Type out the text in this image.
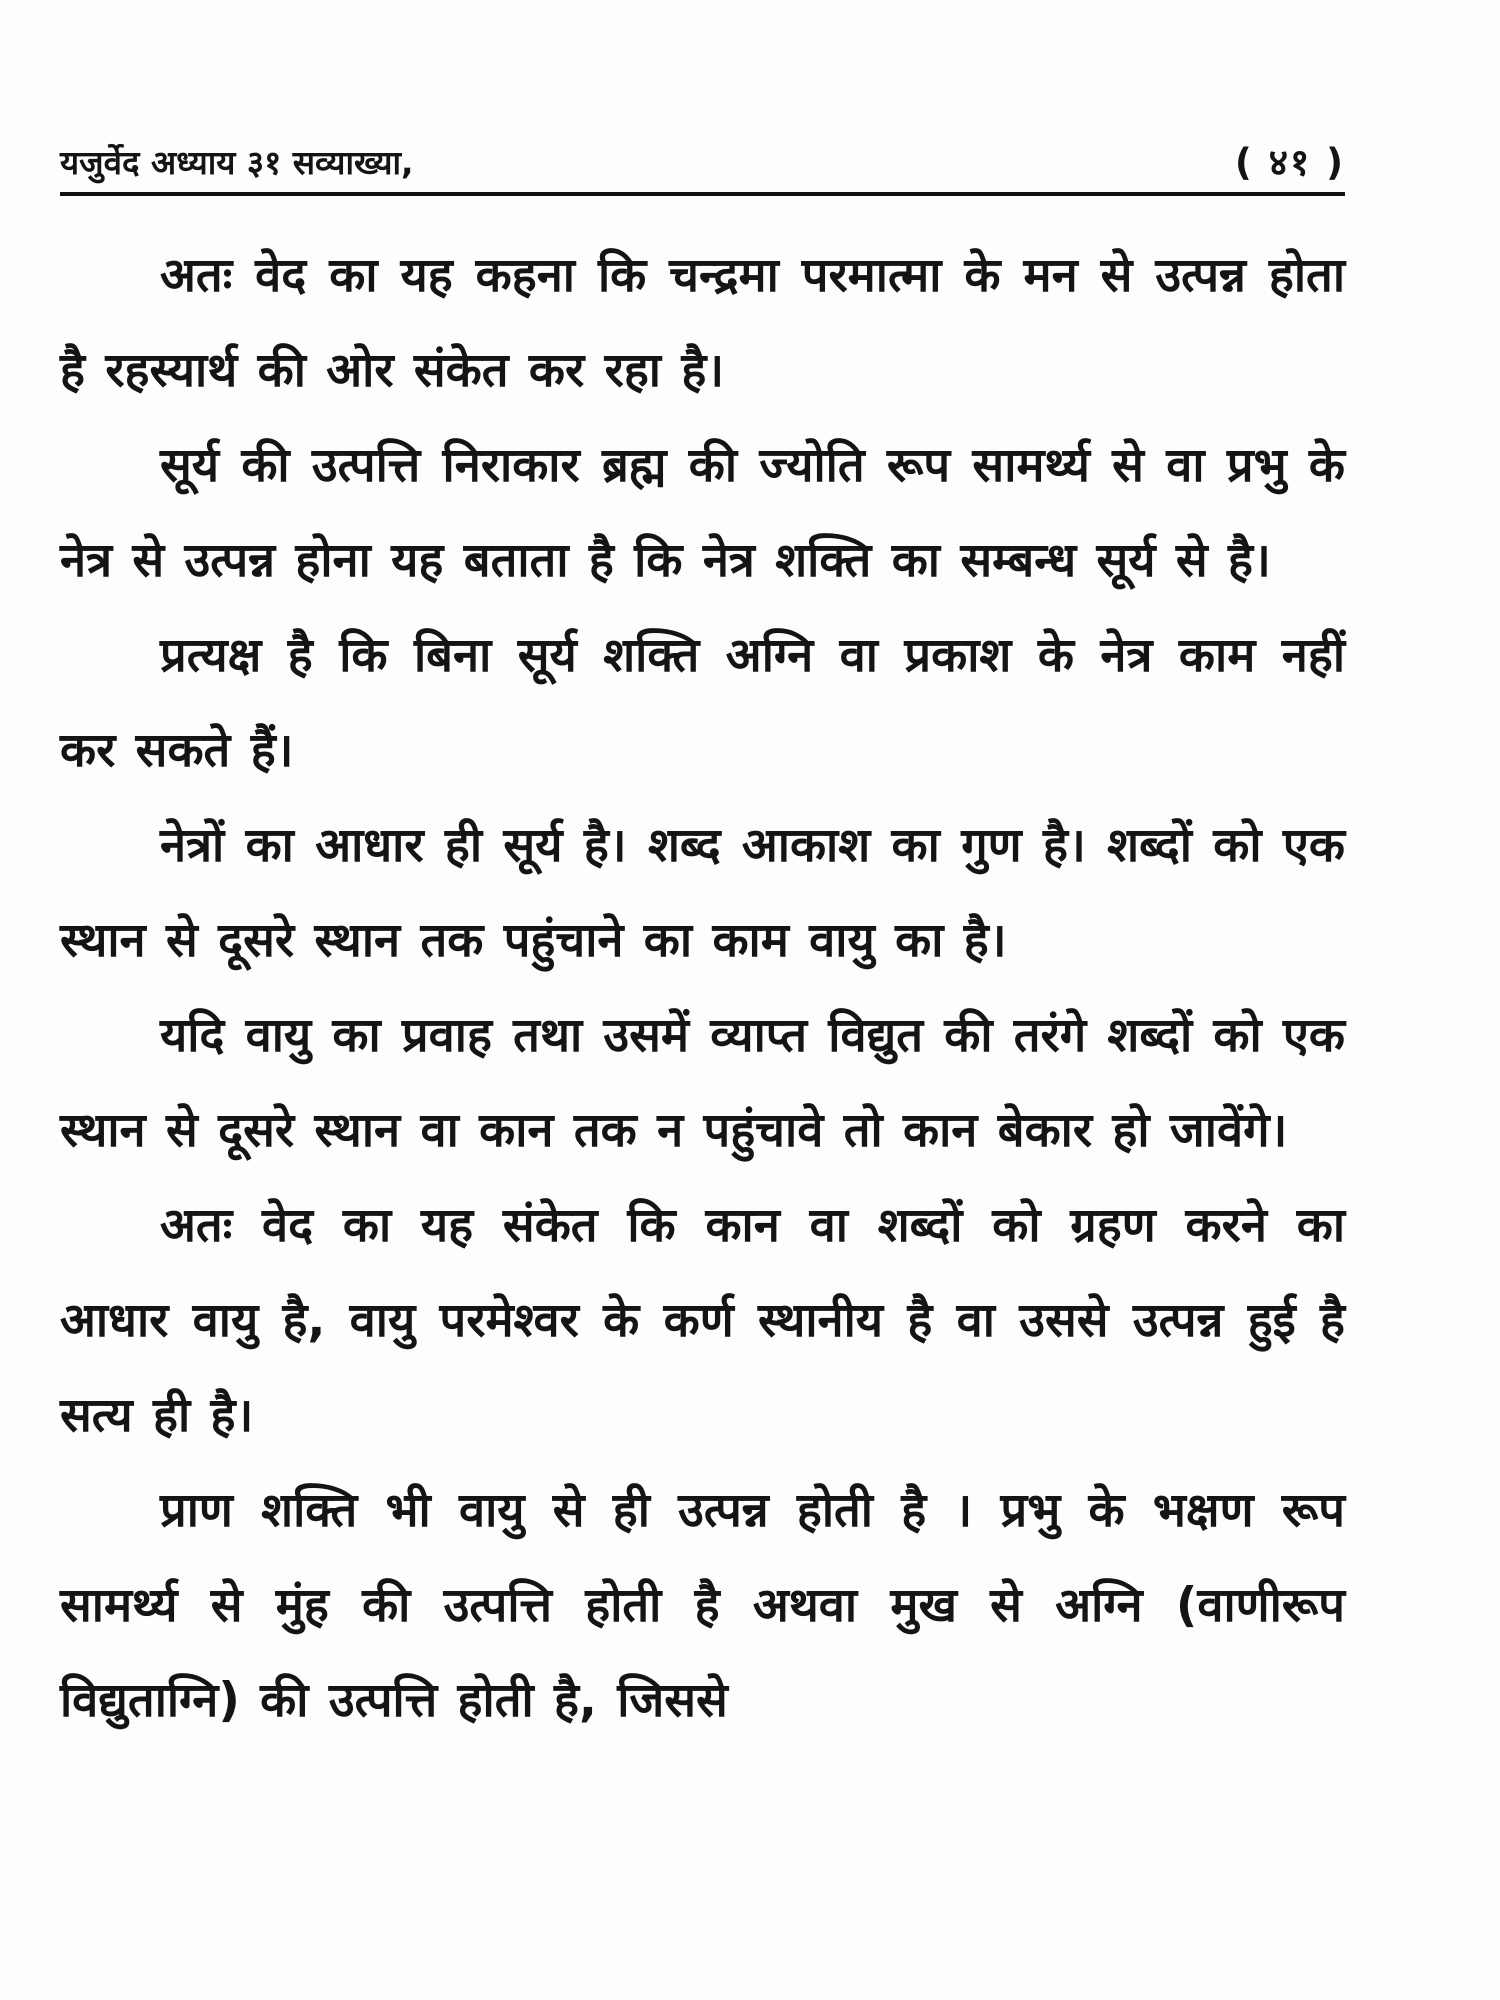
यजुर्वेद अध्याय ३१ सव्याख्या,	( ४१ )

अतः वेद का यह कहना कि चन्द्रमा परमात्मा के मन से उत्पन्न होता है रहस्यार्थ की ओर संकेत कर रहा है।

सूर्य की उत्पत्ति निराकार ब्रह्म की ज्योति रूप सामर्थ्य से वा प्रभु के नेत्र से उत्पन्न होना यह बताता है कि नेत्र शक्ति का सम्बन्ध सूर्य से है।

प्रत्यक्ष है कि बिना सूर्य शक्ति अग्नि वा प्रकाश के नेत्र काम नहीं कर सकते हैं।

नेत्रों का आधार ही सूर्य है। शब्द आकाश का गुण है। शब्दों को एक स्थान से दूसरे स्थान तक पहुंचाने का काम वायु का है।

यदि वायु का प्रवाह तथा उसमें व्याप्त विद्युत की तरंगे शब्दों को एक स्थान से दूसरे स्थान वा कान तक न पहुंचावे तो कान बेकार हो जावेंगे।

अतः वेद का यह संकेत कि कान वा शब्दों को ग्रहण करने का आधार वायु है, वायु परमेश्वर के कर्ण स्थानीय है वा उससे उत्पन्न हुई है सत्य ही है।

प्राण शक्ति भी वायु से ही उत्पन्न होती है । प्रभु के भक्षण रूप सामर्थ्य से मुंह की उत्पत्ति होती है अथवा मुख से अग्नि (वाणीरूप विद्युताग्नि) की उत्पत्ति होती है, जिससे
